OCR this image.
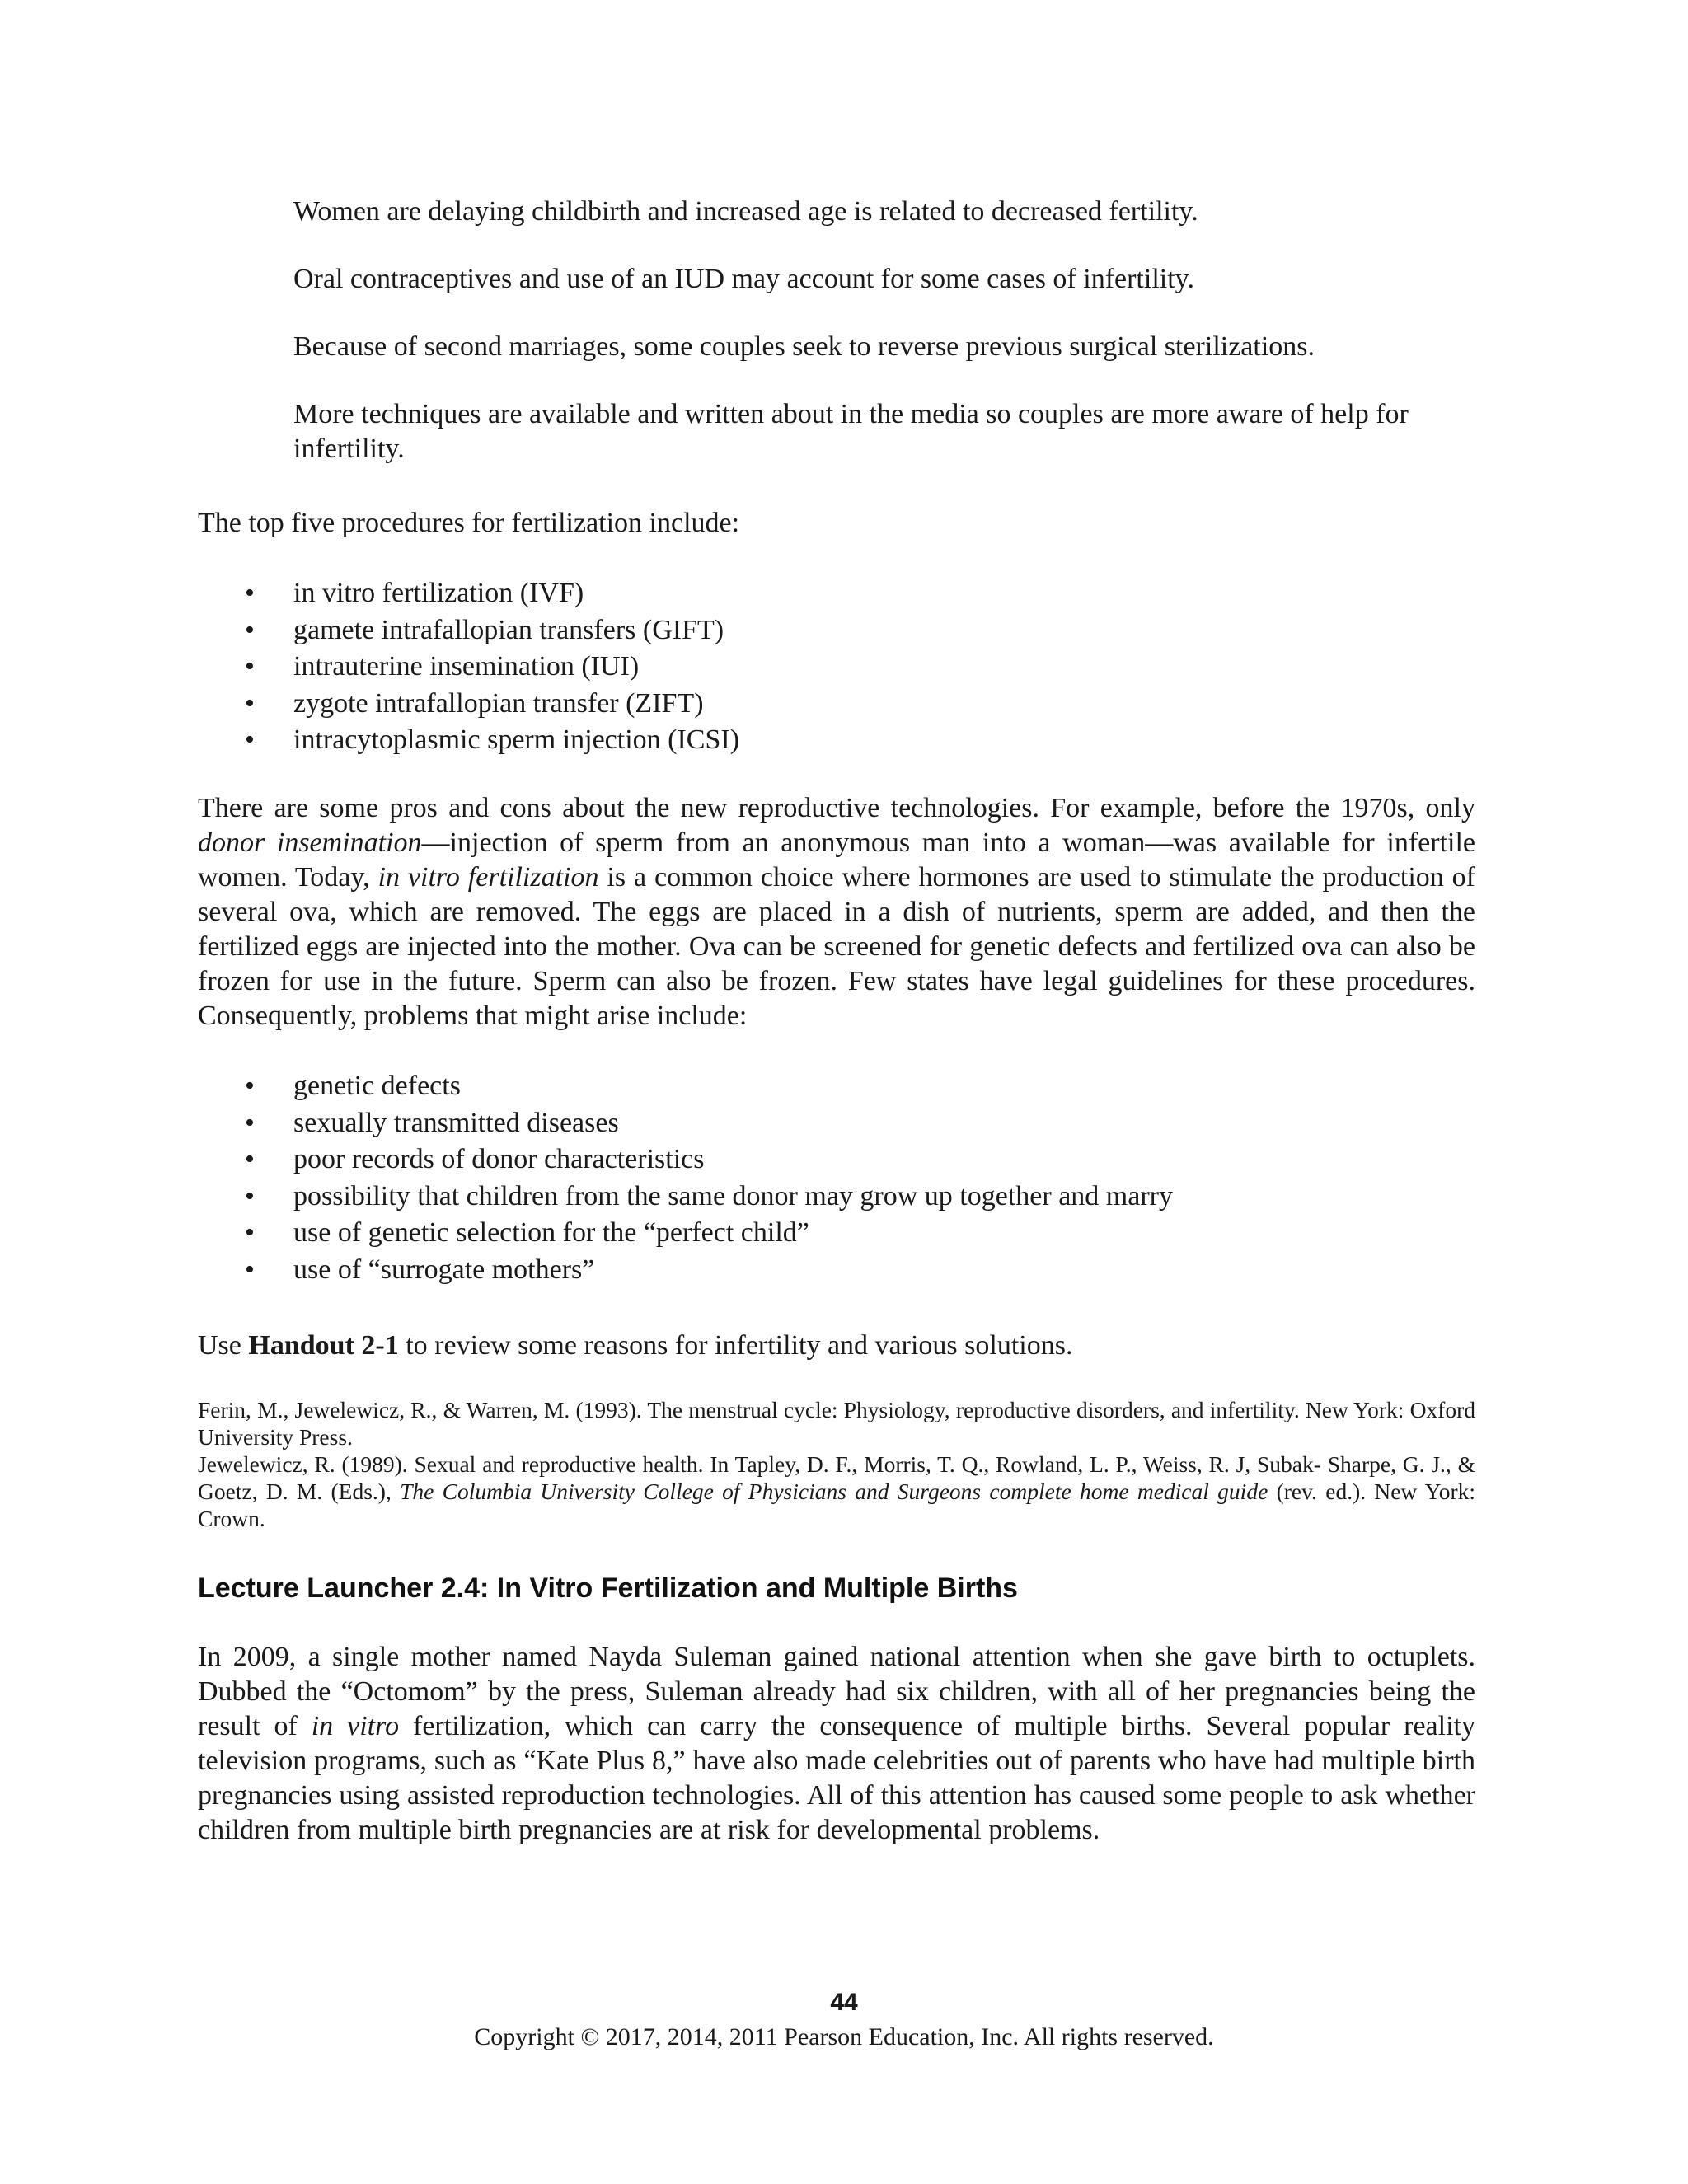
Women are delaying childbirth and increased age is related to decreased fertility.

Oral contraceptives and use of an IUD may account for some cases of infertility.

Because of second marriages, some couples seek to reverse previous surgical sterilizations.

More techniques are available and written about in the media so couples are more aware of help for infertility.

The top five procedures for fertilization include:

• in vitro fertilization (IVF)
• gamete intrafallopian transfers (GIFT)
• intrauterine insemination (IUI)
• zygote intrafallopian transfer (ZIFT)
• intracytoplasmic sperm injection (ICSI)

There are some pros and cons about the new reproductive technologies. For example, before the 1970s, only donor insemination—injection of sperm from an anonymous man into a woman—was available for infertile women. Today, in vitro fertilization is a common choice where hormones are used to stimulate the production of several ova, which are removed. The eggs are placed in a dish of nutrients, sperm are added, and then the fertilized eggs are injected into the mother. Ova can be screened for genetic defects and fertilized ova can also be frozen for use in the future. Sperm can also be frozen. Few states have legal guidelines for these procedures. Consequently, problems that might arise include:

• genetic defects
• sexually transmitted diseases
• poor records of donor characteristics
• possibility that children from the same donor may grow up together and marry
• use of genetic selection for the “perfect child”
• use of “surrogate mothers”

Use Handout 2-1 to review some reasons for infertility and various solutions.

Ferin, M., Jewelewicz, R., & Warren, M. (1993). The menstrual cycle: Physiology, reproductive disorders, and infertility. New York: Oxford University Press.

Jewelewicz, R. (1989). Sexual and reproductive health. In Tapley, D. F., Morris, T. Q., Rowland, L. P., Weiss, R. J, Subak- Sharpe, G. J., & Goetz, D. M. (Eds.), The Columbia University College of Physicians and Surgeons complete home medical guide (rev. ed.). New York: Crown.

Lecture Launcher 2.4: In Vitro Fertilization and Multiple Births

In 2009, a single mother named Nayda Suleman gained national attention when she gave birth to octuplets. Dubbed the “Octomom” by the press, Suleman already had six children, with all of her pregnancies being the result of in vitro fertilization, which can carry the consequence of multiple births. Several popular reality television programs, such as “Kate Plus 8,” have also made celebrities out of parents who have had multiple birth pregnancies using assisted reproduction technologies. All of this attention has caused some people to ask whether children from multiple birth pregnancies are at risk for developmental problems.

44
Copyright © 2017, 2014, 2011 Pearson Education, Inc. All rights reserved.
